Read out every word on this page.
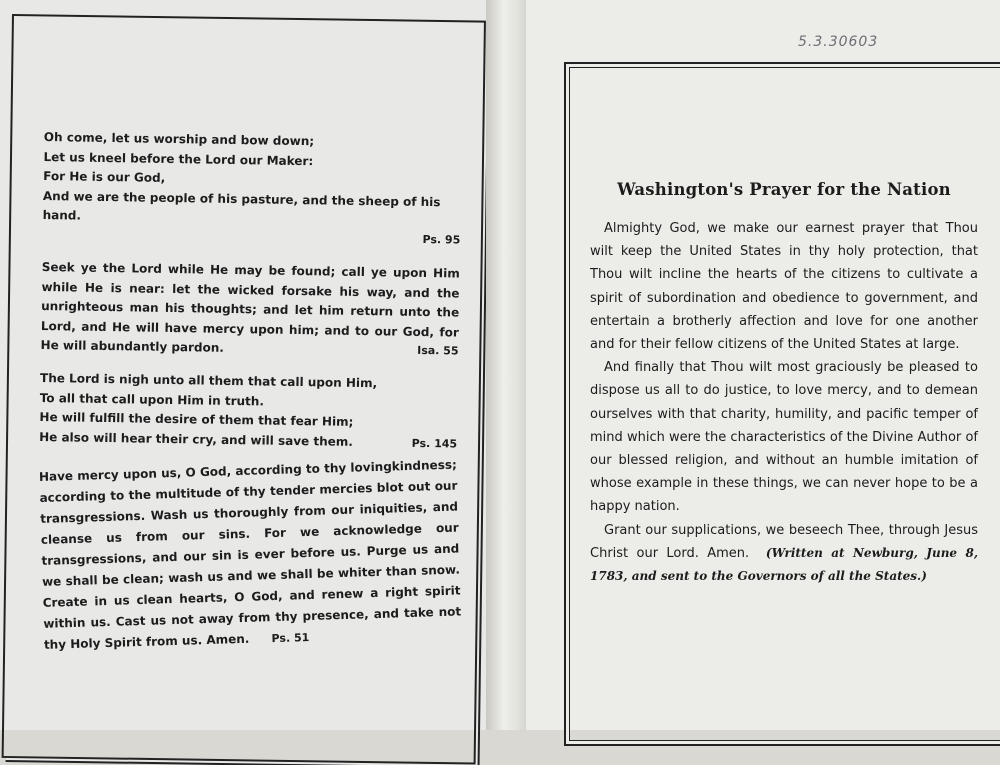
Oh come, let us worship and bow down;

Let us kneel before the Lord our Maker:

For He is our God,

And we are the people of his pasture, and the sheep of his hand.

Ps. 95

Seek ye the Lord while He may be found; call ye upon Him while He is near: let the wicked forsake his way, and the unrighteous man his thoughts; and let him return unto the Lord, and He will have mercy upon him; and to our God, for He will abundantly pardon.	Isa. 55

The Lord is nigh unto all them that call upon Him,

To all that call upon Him in truth.

He will fulfill the desire of them that fear Him;

He also will hear their cry, and will save them.	Ps. 145

Have mercy upon us, O God, according to thy lovingkindness; according to the multitude of thy tender mercies blot out our transgressions. Wash us thoroughly from our iniquities, and cleanse us from our sins. For we acknowledge our transgressions, and our sin is ever before us. Purge us and we shall be clean; wash us and we shall be whiter than snow. Create in us clean hearts, O God, and renew a right spirit within us. Cast us not away from thy presence, and take not thy Holy Spirit from us. Amen. Ps. 51

5.3.30603
Washington's Prayer for the Nation

Almighty God, we make our earnest prayer that Thou wilt keep the United States in thy holy protection, that Thou wilt incline the hearts of the citizens to cultivate a spirit of subordination and obedience to government, and entertain a brotherly affection and love for one another and for their fellow citizens of the United States at large.

And finally that Thou wilt most graciously be pleased to dispose us all to do justice, to love mercy, and to demean ourselves with that charity, humility, and pacific temper of mind which were the characteristics of the Divine Author of our blessed religion, and without an humble imitation of whose example in these things, we can never hope to be a happy nation.

Grant our supplications, we beseech Thee, through Jesus Christ our Lord. Amen. (Written at Newburg, June 8, 1783, and sent to the Governors of all the States.)
